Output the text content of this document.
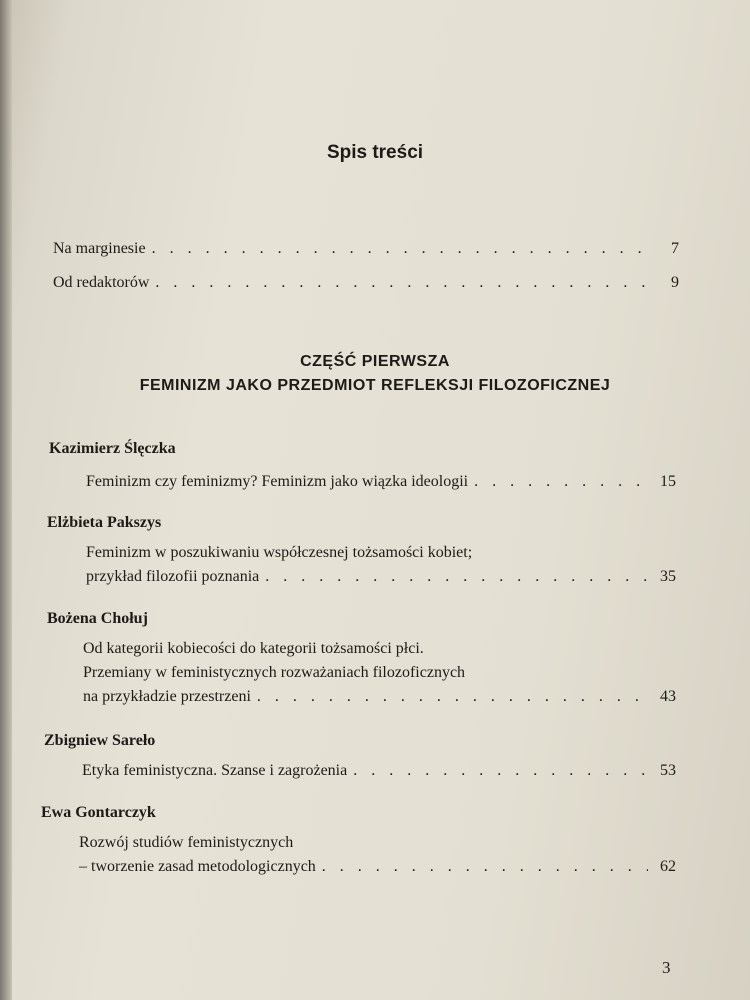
Spis treści
Na marginesie . . .	7
Od redaktorów . . .	9
CZĘŚĆ PIERWSZA
FEMINIZM JAKO PRZEDMIOT REFLEKSJI FILOZOFICZNEJ
Kazimierz Ślęczka
Feminizm czy feminizmy? Feminizm jako wiązka ideologii . . .	15
Elżbieta Pakszys
Feminizm w poszukiwaniu współczesnej tożsamości kobiet;
przykład filozofii poznania . . .	35
Bożena Chołuj
Od kategorii kobiecości do kategorii tożsamości płci.
Przemiany w feministycznych rozważaniach filozoficznych
na przykładzie przestrzeni . . .	43
Zbigniew Sareło
Etyka feministyczna. Szanse i zagrożenia . . .	53
Ewa Gontarczyk
Rozwój studiów feministycznych
– tworzenie zasad metodologicznych . . .	62
3
